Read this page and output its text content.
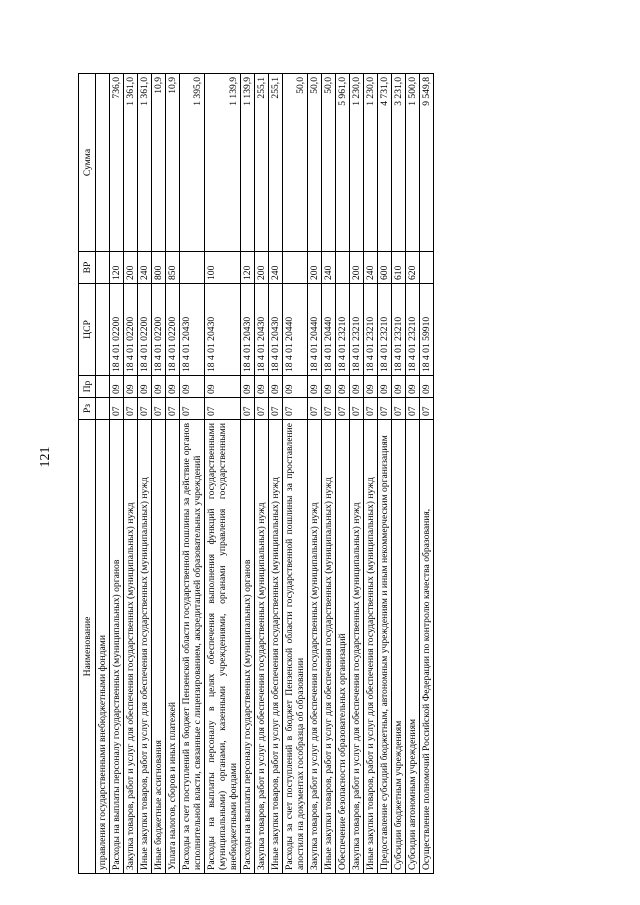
121
Наименование	Рз	Пр	ЦСР	ВР	Сумма
управления государственными внебюджетными фондами					
Расходы на выплаты персоналу государственных (муниципальных) органов	07	09	18 4 01 02200	120	736,0
Закупка товаров, работ и услуг для обеспечения государственных (муниципальных) нужд	07	09	18 4 01 02200	200	1 361,0
Иные закупки товаров, работ и услуг для обеспечения государственных (муниципальных) нужд	07	09	18 4 01 02200	240	1 361,0
Иные бюджетные ассигнования	07	09	18 4 01 02200	800	10,9
Уплата налогов, сборов и иных платежей	07	09	18 4 01 02200	850	10,9
Расходы за счет поступлений в бюджет Пензенской области государственной пошлины за действие органов исполнительной власти, связанные с лицензированием, аккредитацией образовательных учреждений	07	09	18 4 01 20430		1 395,0
Расходы на выплаты персоналу в целях обеспечения выполнения функций государственными (муниципальными) органами, казенными учреждениями, органами управления государственными внебюджетными фондами	07	09	18 4 01 20430	100	1 139,9
Расходы на выплаты персоналу государственных (муниципальных) органов	07	09	18 4 01 20430	120	1 139,9
Закупка товаров, работ и услуг для обеспечения государственных (муниципальных) нужд	07	09	18 4 01 20430	200	255,1
Иные закупки товаров, работ и услуг для обеспечения государственных (муниципальных) нужд	07	09	18 4 01 20430	240	255,1
Расходы за счет поступлений в бюджет Пензенской области государственной пошлины за проставление апостиля на документах гособразца об образовании	07	09	18 4 01 20440		50,0
Закупка товаров, работ и услуг для обеспечения государственных (муниципальных) нужд	07	09	18 4 01 20440	200	50,0
Иные закупки товаров, работ и услуг для обеспечения государственных (муниципальных) нужд	07	09	18 4 01 20440	240	50,0
Обеспечение безопасности образовательных организаций	07	09	18 4 01 23210		5 961,0
Закупка товаров, работ и услуг для обеспечения государственных (муниципальных) нужд	07	09	18 4 01 23210	200	1 230,0
Иные закупки товаров, работ и услуг для обеспечения государственных (муниципальных) нужд	07	09	18 4 01 23210	240	1 230,0
Предоставление субсидий бюджетным, автономным учреждениям и иным некоммерческим организациям	07	09	18 4 01 23210	600	4 731,0
Субсидии бюджетным учреждениям	07	09	18 4 01 23210	610	3 231,0
Субсидии автономным учреждениям	07	09	18 4 01 23210	620	1 500,0
Осуществление полномочий Российской Федерации по контролю качества образования,	07	09	18 4 01 59910		9 549,8
